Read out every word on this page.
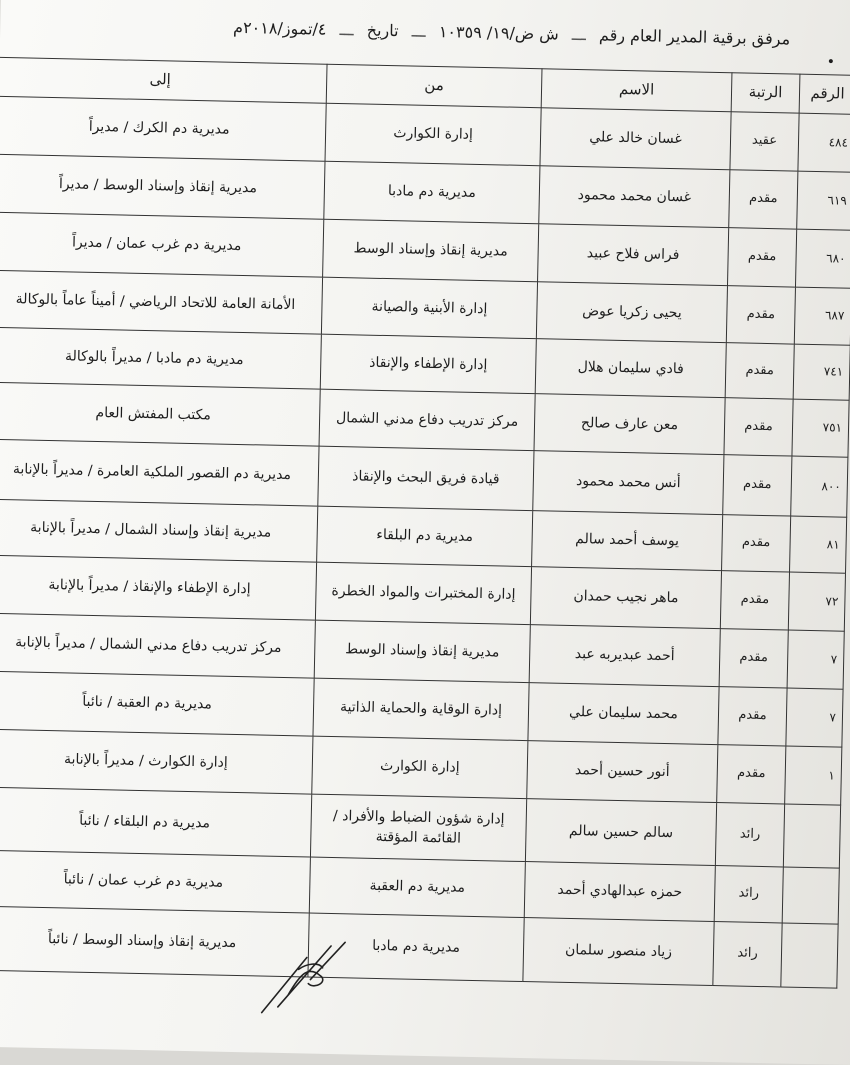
مرفق برقية المدير العام رقم ـــ ش ض/١٩/ ١٠٣٥٩ ـــ تاريخ ـــ ٤/تموز/٢٠١٨م
•
الرقم	الرتبة	الاسم	من	إلى
٤٨٤	عقيد	غسان خالد علي	إدارة الكوارث	مديرية دم الكرك / مديراً
٦١٩	مقدم	غسان محمد محمود	مديرية دم مادبا	مديرية إنقاذ وإسناد الوسط / مديراً
٦٨٠	مقدم	فراس فلاح عبيد	مديرية إنقاذ وإسناد الوسط	مديرية دم غرب عمان / مديراً
٦٨٧	مقدم	يحيى زكريا عوض	إدارة الأبنية والصيانة	الأمانة العامة للاتحاد الرياضي / أميناً عاماً بالوكالة
٧٤١	مقدم	فادي سليمان هلال	إدارة الإطفاء والإنقاذ	مديرية دم مادبا / مديراً بالوكالة
٧٥١	مقدم	معن عارف صالح	مركز تدريب دفاع مدني الشمال	مكتب المفتش العام
٨٠٠	مقدم	أنس محمد محمود	قيادة فريق البحث والإنقاذ	مديرية دم القصور الملكية العامرة / مديراً بالإنابة
٨١	مقدم	يوسف أحمد سالم	مديرية دم البلقاء	مديرية إنقاذ وإسناد الشمال / مديراً بالإنابة
٧٢	مقدم	ماهر نجيب حمدان	إدارة المختبرات والمواد الخطرة	إدارة الإطفاء والإنقاذ / مديراً بالإنابة
٧	مقدم	أحمد عبديربه عبد	مديرية إنقاذ وإسناد الوسط	مركز تدريب دفاع مدني الشمال / مديراً بالإنابة
٧	مقدم	محمد سليمان علي	إدارة الوقاية والحماية الذاتية	مديرية دم العقبة / نائباً
١	مقدم	أنور حسين أحمد	إدارة الكوارث	إدارة الكوارث / مديراً بالإنابة
	رائد	سالم حسين سالم	إدارة شؤون الضباط والأفراد / القائمة المؤقتة	مديرية دم البلقاء / نائباً
	رائد	حمزه عبدالهادي أحمد	مديرية دم العقبة	مديرية دم غرب عمان / نائباً
	رائد	زياد منصور سلمان	مديرية دم مادبا	مديرية إنقاذ وإسناد الوسط / نائباً
